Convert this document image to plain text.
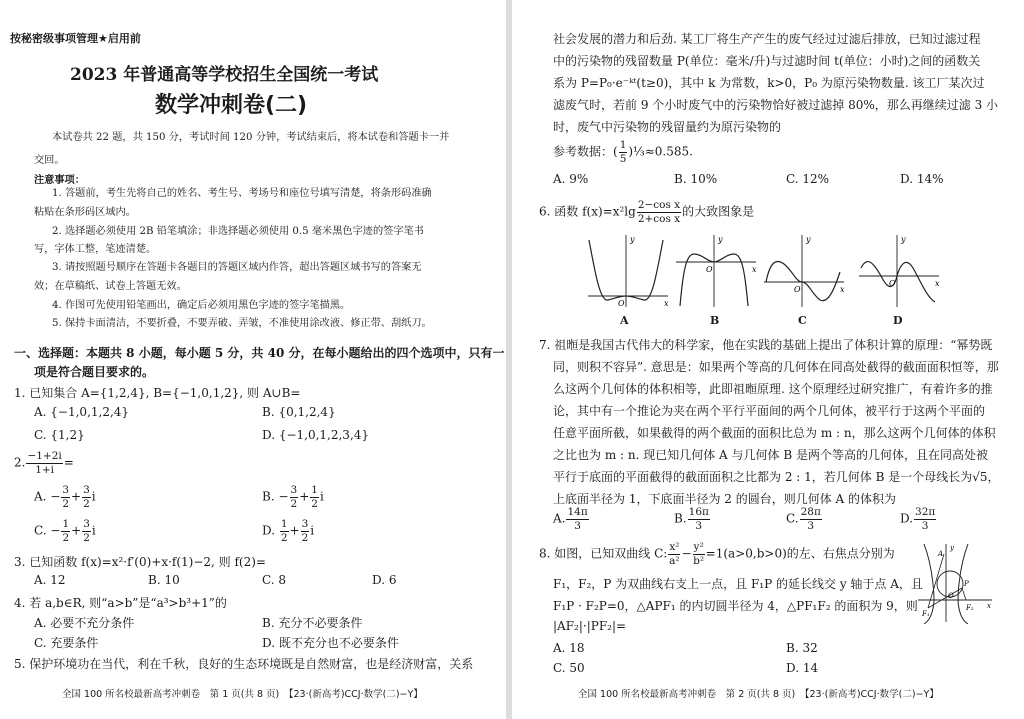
按秘密级事项管理★启用前
2023 年普通高等学校招生全国统一考试
数学冲刺卷(二)
本试卷共 22 题，共 150 分，考试时间 120 分钟，考试结束后，将本试卷和答题卡一并
交回。
注意事项：
1. 答题前，考生先将自己的姓名、考生号、考场号和座位号填写清楚，将条形码准确
粘贴在条形码区域内。
2. 选择题必须使用 2B 铅笔填涂；非选择题必须使用 0.5 毫米黑色字迹的签字笔书
写，字体工整，笔迹清楚。
3. 请按照题号顺序在答题卡各题目的答题区域内作答，超出答题区域书写的答案无
效；在草稿纸、试卷上答题无效。
4. 作图可先使用铅笔画出，确定后必须用黑色字迹的签字笔描黑。
5. 保持卡面清洁，不要折叠，不要弄破、弄皱，不准使用涂改液、修正带、刮纸刀。
一、选择题：本题共 8 小题，每小题 5 分，共 40 分，在每小题给出的四个选项中，只有一
项是符合题目要求的。
1. 已知集合 A={1,2,4}, B={−1,0,1,2}, 则 A∪B=
A. {−1,0,1,2,4}	B. {0,1,2,4}
C. {1,2}	D. {−1,0,1,2,3,4}
2. $\frac{-1+2i}{1+i}$ =
A. − $\frac{3}{2} + \frac{3}{2}$ i	B. − $\frac{3}{2} + \frac{1}{2}$ i
C. − $\frac{1}{2} + \frac{3}{2}$ i	D. $\frac{1}{2} + \frac{3}{2}$ i
3. 已知函数 f(x)=x²·f′(0)+x·f(1)−2, 则 f(2)=
A. 12	B. 10	C. 8	D. 6
4. 若 a,b∈R, 则“a>b”是“a³>b³+1”的
A. 必要不充分条件	B. 充分不必要条件
C. 充要条件	D. 既不充分也不必要条件
5. 保护环境功在当代，利在千秋，良好的生态环境既是自然财富，也是经济财富，关系
全国 100 所名校最新高考冲刺卷　第 1 页(共 8 页)　【23·(新高考)CCJ·数学(二)−Y】
社会发展的潜力和后劲. 某工厂将生产产生的废气经过过滤后排放，已知过滤过程
中的污染物的残留数量 P(单位：毫米/升)与过滤时间 t(单位：小时)之间的函数关
系为 P=P₀·e⁻ᵏᵗ(t≥0)，其中 k 为常数，k>0，P₀ 为原污染物数量. 该工厂某次过
滤废气时，若前 9 个小时废气中的污染物恰好被过滤掉 80%，那么再继续过滤 3 小
时，废气中污染物的残留量约为原污染物的
参考数据：( $\frac{1}{5}$ )⅓≈0.585.
A. 9%	B. 10%	C. 12%	D. 14%
6. 函数 $f(x)=x^2\lg \frac{\text{2−cos x}}{\text{2+cos x}}$ 的大致图象是
y
x
O
A
y
x
O
B
y
x
O
C
y
x
O
D
7. 祖暅是我国古代伟大的科学家，他在实践的基础上提出了体积计算的原理：“幂势既
同，则积不容异”. 意思是：如果两个等高的几何体在同高处截得的截面面积恒等，那
么这两个几何体的体积相等，此即祖暅原理. 这个原理经过研究推广，有着许多的推
论，其中有一个推论为夹在两个平行平面间的两个几何体，被平行于这两个平面的
任意平面所截，如果截得的两个截面的面积比总为 m : n，那么这两个几何体的体积
之比也为 m : n. 现已知几何体 A 与几何体 B 是两个等高的几何体，且在同高处被
平行于底面的平面截得的截面面积之比都为 2 : 1，若几何体 B 是一个母线长为√5，
上底面半径为 1，下底面半径为 2 的圆台，则几何体 A 的体积为
A. $\frac{14\pi}{3}$	B. $\frac{16\pi}{3}$	C. $\frac{28\pi}{3}$	D. $\frac{32\pi}{3}$
8. 如图，已知双曲线 C: $\frac{\text{x²}}{\text{a²}} - \frac{\text{y²}}{\text{b²}} =1(a>0,b>0)$的左、右焦点分别为
F₁，F₂，P 为双曲线右支上一点，且 F₁P 的延长线交 y 轴于点 A，且
F₁P · F₂P=0，△APF₁ 的内切圆半径为 4，△PF₁F₂ 的面积为 9，则
|AF₂|·|PF₂|=
A. 18	B. 32
C. 50	D. 14
y
A
P
O
F₁
F₂ x
全国 100 所名校最新高考冲刺卷　第 2 页(共 8 页)　【23·(新高考)CCJ·数学(二)−Y】
